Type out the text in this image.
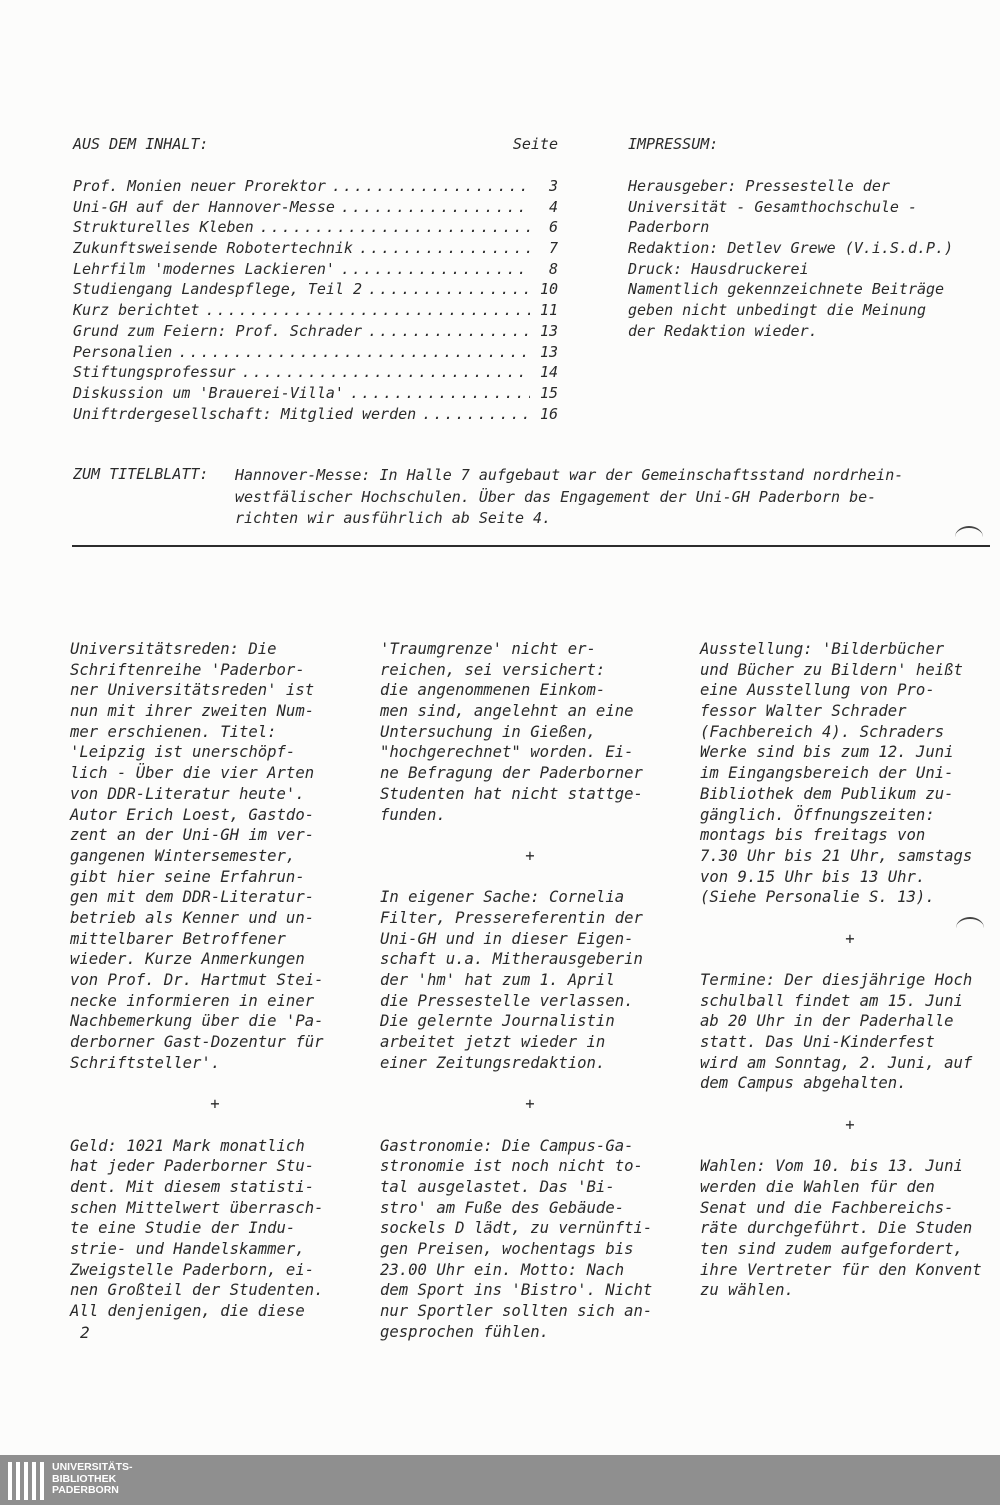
AUS DEM INHALT:	Seite
Prof. Monien neuer Prorektor .....	3
Uni-GH auf der Hannover-Messe .....	4
Strukturelles Kleben .....	6
Zukunftsweisende Robotertechnik .....	7
Lehrfilm 'modernes Lackieren' .....	8
Studiengang Landespflege, Teil 2 .....	10
Kurz berichtet .....	11
Grund zum Feiern: Prof. Schrader .....	13
Personalien .....	13
Stiftungsprofessur .....	14
Diskussion um 'Brauerei-Villa' .....	15
Uniftrdergesellschaft: Mitglied werden .....	16
IMPRESSUM:
Herausgeber: Pressestelle der
Universität - Gesamthochschule -
Paderborn
Redaktion: Detlev Grewe (V.i.S.d.P.)
Druck: Hausdruckerei
Namentlich gekennzeichnete Beiträge
geben nicht unbedingt die Meinung
der Redaktion wieder.
ZUM TITELBLATT: Hannover-Messe: In Halle 7 aufgebaut war der Gemeinschaftsstand nordrhein-
westfälischer Hochschulen. Über das Engagement der Uni-GH Paderborn be-
richten wir ausführlich ab Seite 4.
Universitätsreden: Die
Schriftenreihe 'Paderbor-
ner Universitätsreden' ist
nun mit ihrer zweiten Num-
mer erschienen. Titel:
'Leipzig ist unerschöpf-
lich - Über die vier Arten
von DDR-Literatur heute'.
Autor Erich Loest, Gastdo-
zent an der Uni-GH im ver-
gangenen Wintersemester,
gibt hier seine Erfahrun-
gen mit dem DDR-Literatur-
betrieb als Kenner und un-
mittelbarer Betroffener
wieder. Kurze Anmerkungen
von Prof. Dr. Hartmut Stei-
necke informieren in einer
Nachbemerkung über die 'Pa-
derborner Gast-Dozentur für
Schriftsteller'.
+
Geld: 1021 Mark monatlich
hat jeder Paderborner Stu-
dent. Mit diesem statisti-
schen Mittelwert überrasch-
te eine Studie der Indu-
strie- und Handelskammer,
Zweigstelle Paderborn, ei-
nen Großteil der Studenten.
All denjenigen, die diese
'Traumgrenze' nicht er-
reichen, sei versichert:
die angenommenen Einkom-
men sind, angelehnt an eine
Untersuchung in Gießen,
"hochgerechnet" worden. Ei-
ne Befragung der Paderborner
Studenten hat nicht stattge-
funden.
+
In eigener Sache: Cornelia
Filter, Pressereferentin der
Uni-GH und in dieser Eigen-
schaft u.a. Mitherausgeberin
der 'hm' hat zum 1. April
die Pressestelle verlassen.
Die gelernte Journalistin
arbeitet jetzt wieder in
einer Zeitungsredaktion.
+
Gastronomie: Die Campus-Ga-
stronomie ist noch nicht to-
tal ausgelastet. Das 'Bi-
stro' am Fuße des Gebäude-
sockels D lädt, zu vernünfti-
gen Preisen, wochentags bis
23.00 Uhr ein. Motto: Nach
dem Sport ins 'Bistro'. Nicht
nur Sportler sollten sich an-
gesprochen fühlen.
Ausstellung: 'Bilderbücher
und Bücher zu Bildern' heißt
eine Ausstellung von Pro-
fessor Walter Schrader
(Fachbereich 4). Schraders
Werke sind bis zum 12. Juni
im Eingangsbereich der Uni-
Bibliothek dem Publikum zu-
gänglich. Öffnungszeiten:
montags bis freitags von
7.30 Uhr bis 21 Uhr, samstags
von 9.15 Uhr bis 13 Uhr.
(Siehe Personalie S. 13).
+
Termine: Der diesjährige Hoch
schulball findet am 15. Juni
ab 20 Uhr in der Paderhalle
statt. Das Uni-Kinderfest
wird am Sonntag, 2. Juni, auf
dem Campus abgehalten.
+
Wahlen: Vom 10. bis 13. Juni
werden die Wahlen für den
Senat und die Fachbereichs-
räte durchgeführt. Die Studen
ten sind zudem aufgefordert,
ihre Vertreter für den Konvent
zu wählen.
2
UNIVERSITÄTS-
BIBLIOTHEK
PADERBORN
